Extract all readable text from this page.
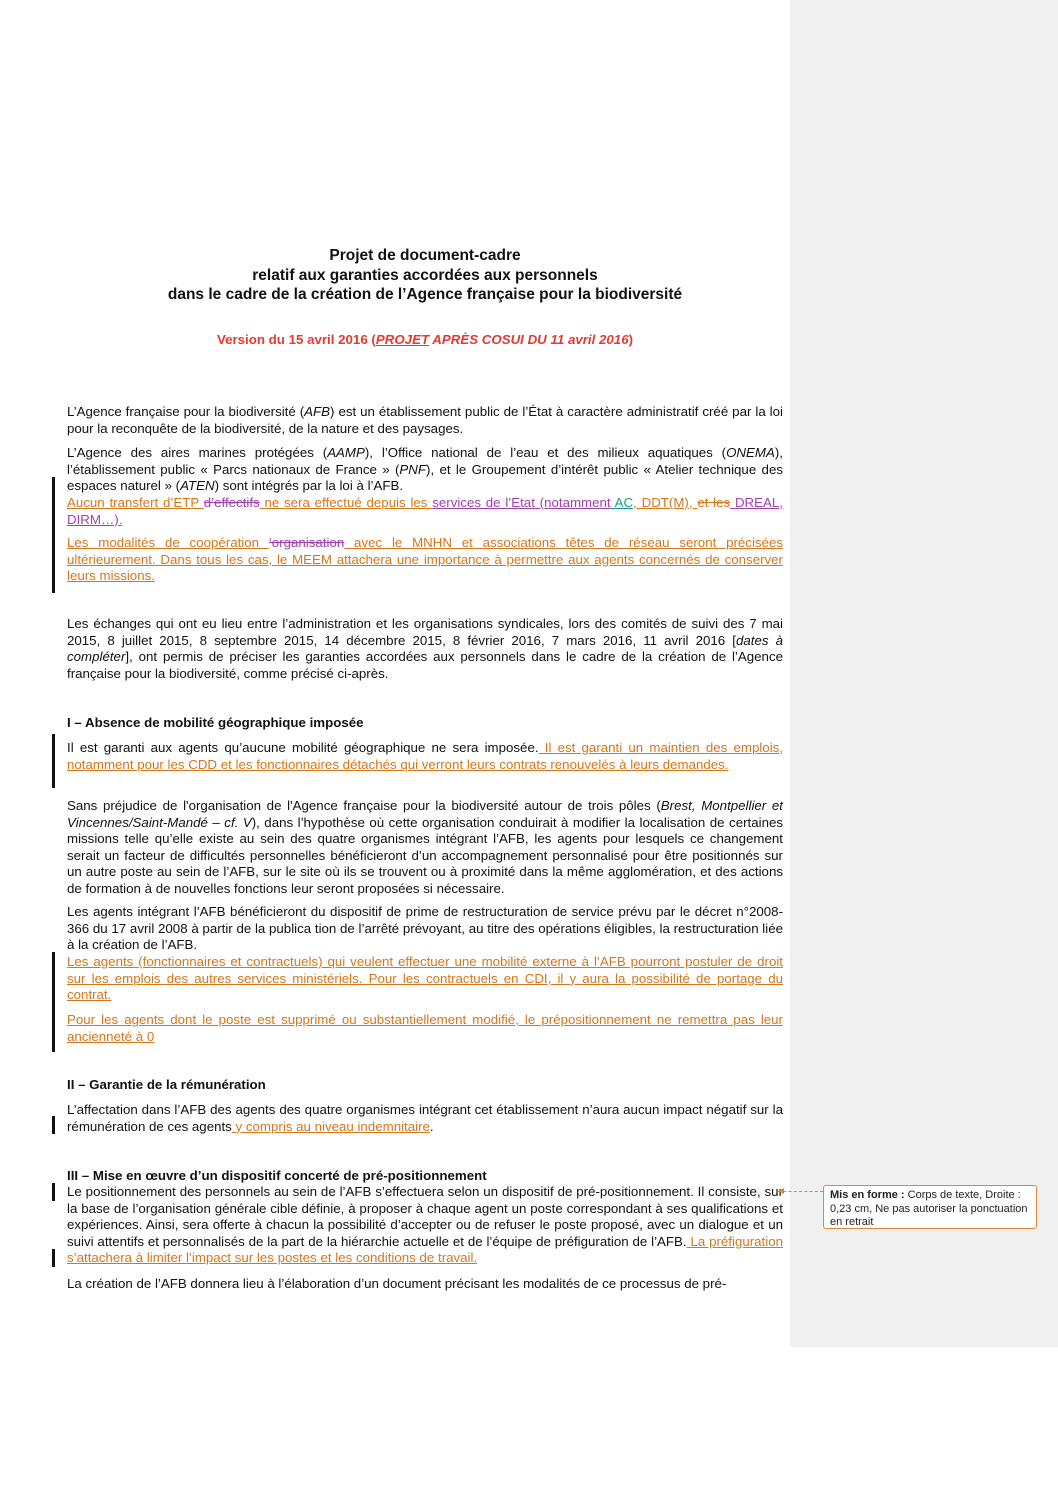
Projet de document-cadre
relatif aux garanties accordées aux personnels
dans le cadre de la création de l’Agence française pour la biodiversité
Version du 15 avril 2016 (PROJET APRÈS COSUI DU 11 avril 2016)

L’Agence française pour la biodiversité (AFB) est un établissement public de l’État à caractère administratif créé par la loi pour la reconquête de la biodiversité, de la nature et des paysages.

L’Agence des aires marines protégées (AAMP), l’Office national de l’eau et des milieux aquatiques (ONEMA), l’établissement public « Parcs nationaux de France » (PNF), et le Groupement d’intérêt public « Atelier technique des espaces naturel » (ATEN) sont intégrés par la loi à l’AFB.

Aucun transfert d’ETP d’effectifs ne sera effectué depuis les services de l’Etat (notamment AC, DDT(M), et les DREAL, DIRM…).

Les modalités de coopération ‘organisation avec le MNHN et associations têtes de réseau seront précisées ultérieurement. Dans tous les cas, le MEEM attachera une importance à permettre aux agents concernés de conserver leurs missions.

Les échanges qui ont eu lieu entre l’administration et les organisations syndicales, lors des comités de suivi des 7 mai 2015, 8 juillet 2015, 8 septembre 2015, 14 décembre 2015, 8 février 2016, 7 mars 2016, 11 avril 2016 [dates à compléter], ont permis de préciser les garanties accordées aux personnels dans le cadre de la création de l’Agence française pour la biodiversité, comme précisé ci-après.

I – Absence de mobilité géographique imposée

Il est garanti aux agents qu’aucune mobilité géographique ne sera imposée. Il est garanti un maintien des emplois, notamment pour les CDD et les fonctionnaires détachés qui verront leurs contrats renouvelés à leurs demandes.

Sans préjudice de l'organisation de l'Agence française pour la biodiversité autour de trois pôles (Brest, Montpellier et Vincennes/Saint-Mandé – cf. V), dans l’hypothèse où cette organisation conduirait à modifier la localisation de certaines missions telle qu’elle existe au sein des quatre organismes intégrant l’AFB, les agents pour lesquels ce changement serait un facteur de difficultés personnelles bénéficieront d’un accompagnement personnalisé pour être positionnés sur un autre poste au sein de l’AFB, sur le site où ils se trouvent ou à proximité dans la même agglomération, et des actions de formation à de nouvelles fonctions leur seront proposées si nécessaire.

Les agents intégrant l’AFB bénéficieront du dispositif de prime de restructuration de service prévu par le décret n°2008-366 du 17 avril 2008 à partir de la publica tion de l’arrêté prévoyant, au titre des opérations éligibles, la restructuration liée à la création de l’AFB.

Les agents (fonctionnaires et contractuels) qui veulent effectuer une mobilité externe à l’AFB pourront postuler de droit sur les emplois des autres services ministériels. Pour les contractuels en CDI, il y aura la possibilité de portage du contrat.

Pour les agents dont le poste est supprimé ou substantiellement modifié, le prépositionnement ne remettra pas leur ancienneté à 0

II – Garantie de la rémunération

L’affectation dans l’AFB des agents des quatre organismes intégrant cet établissement n’aura aucun impact négatif sur la rémunération de ces agents y compris au niveau indemnitaire.

III – Mise en œuvre d’un dispositif concerté de pré-positionnement

Le positionnement des personnels au sein de l’AFB s’effectuera selon un dispositif de pré-positionnement. Il consiste, sur la base de l’organisation générale cible définie, à proposer à chaque agent un poste correspondant à ses qualifications et expériences. Ainsi, sera offerte à chacun la possibilité d’accepter ou de refuser le poste proposé, avec un dialogue et un suivi attentifs et personnalisés de la part de la hiérarchie actuelle et de l’équipe de préfiguration de l’AFB. La préfiguration s’attachera à limiter l’impact sur les postes et les conditions de travail.

La création de l’AFB donnera lieu à l’élaboration d’un document précisant les modalités de ce processus de pré-

Mis en forme : Corps de texte, Droite : 0,23 cm, Ne pas autoriser la ponctuation en retrait
